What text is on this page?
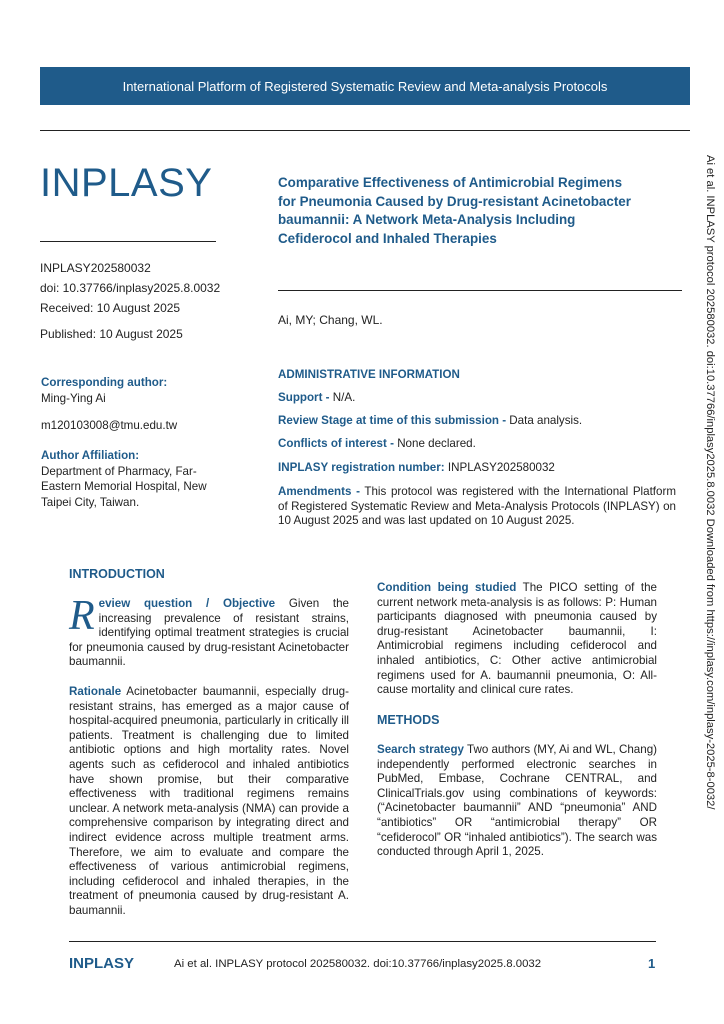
International Platform of Registered Systematic Review and Meta-analysis Protocols
INPLASY
INPLASY202580032
doi: 10.37766/inplasy2025.8.0032
Received: 10 August 2025
Published: 10 August 2025
Comparative Effectiveness of Antimicrobial Regimens
for Pneumonia Caused by Drug-resistant Acinetobacter
baumannii: A Network Meta-Analysis Including
Cefiderocol and Inhaled Therapies
Ai, MY; Chang, WL.
Corresponding author:
Ming-Ying Ai
m120103008@tmu.edu.tw
Author Affiliation:
Department of Pharmacy, Far-
Eastern Memorial Hospital, New
Taipei City, Taiwan.
ADMINISTRATIVE INFORMATION
Support - N/A.
Review Stage at time of this submission - Data analysis.
Conflicts of interest - None declared.
INPLASY registration number: INPLASY202580032
Amendments - This protocol was registered with the International Platform of Registered Systematic Review and Meta-Analysis Protocols (INPLASY) on 10 August 2025 and was last updated on 10 August 2025.
INTRODUCTION
R eview question / Objective Given the increasing prevalence of resistant strains, identifying optimal treatment strategies is crucial for pneumonia caused by drug-resistant Acinetobacter baumannii.
Rationale Acinetobacter baumannii, especially drug-resistant strains, has emerged as a major cause of hospital-acquired pneumonia, particularly in critically ill patients. Treatment is challenging due to limited antibiotic options and high mortality rates. Novel agents such as cefiderocol and inhaled antibiotics have shown promise, but their comparative effectiveness with traditional regimens remains unclear. A network meta-analysis (NMA) can provide a comprehensive comparison by integrating direct and indirect evidence across multiple treatment arms. Therefore, we aim to evaluate and compare the effectiveness of various antimicrobial regimens, including cefiderocol and inhaled therapies, in the treatment of pneumonia caused by drug-resistant A. baumannii.
Condition being studied The PICO setting of the current network meta-analysis is as follows: P: Human participants diagnosed with pneumonia caused by drug-resistant Acinetobacter baumannii, I: Antimicrobial regimens including cefiderocol and inhaled antibiotics, C: Other active antimicrobial regimens used for A. baumannii pneumonia, O: All-cause mortality and clinical cure rates.
METHODS
Search strategy Two authors (MY, Ai and WL, Chang) independently performed electronic searches in PubMed, Embase, Cochrane CENTRAL, and ClinicalTrials.gov using combinations of keywords: (“Acinetobacter baumannii” AND “pneumonia” AND “antibiotics” OR “antimicrobial therapy” OR “cefiderocol” OR “inhaled antibiotics”). The search was conducted through April 1, 2025.
Ai et al. INPLASY protocol 202580032. doi:10.37766/inplasy2025.8.0032 Downloaded from https://inplasy.com/inplasy-2025-8-0032/
INPLASY	Ai et al. INPLASY protocol 202580032. doi:10.37766/inplasy2025.8.0032	1
